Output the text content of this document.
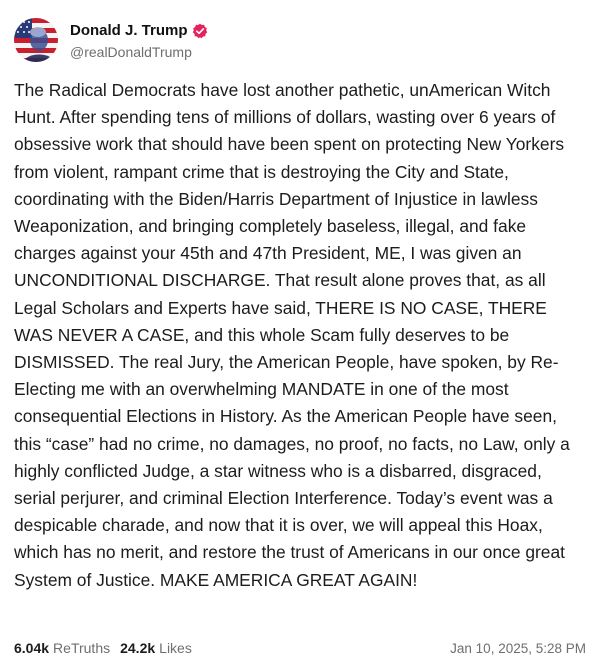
Donald J. Trump
@realDonaldTrump
The Radical Democrats have lost another pathetic, unAmerican Witch Hunt. After spending tens of millions of dollars, wasting over 6 years of obsessive work that should have been spent on protecting New Yorkers from violent, rampant crime that is destroying the City and State, coordinating with the Biden/Harris Department of Injustice in lawless Weaponization, and bringing completely baseless, illegal, and fake charges against your 45th and 47th President, ME, I was given an UNCONDITIONAL DISCHARGE. That result alone proves that, as all Legal Scholars and Experts have said, THERE IS NO CASE, THERE WAS NEVER A CASE, and this whole Scam fully deserves to be DISMISSED. The real Jury, the American People, have spoken, by Re-Electing me with an overwhelming MANDATE in one of the most consequential Elections in History. As the American People have seen, this “case” had no crime, no damages, no proof, no facts, no Law, only a highly conflicted Judge, a star witness who is a disbarred, disgraced, serial perjurer, and criminal Election Interference. Today’s event was a despicable charade, and now that it is over, we will appeal this Hoax, which has no merit, and restore the trust of Americans in our once great System of Justice. MAKE AMERICA GREAT AGAIN!
6.04k ReTruths 24.2k Likes	Jan 10, 2025, 5:28 PM
